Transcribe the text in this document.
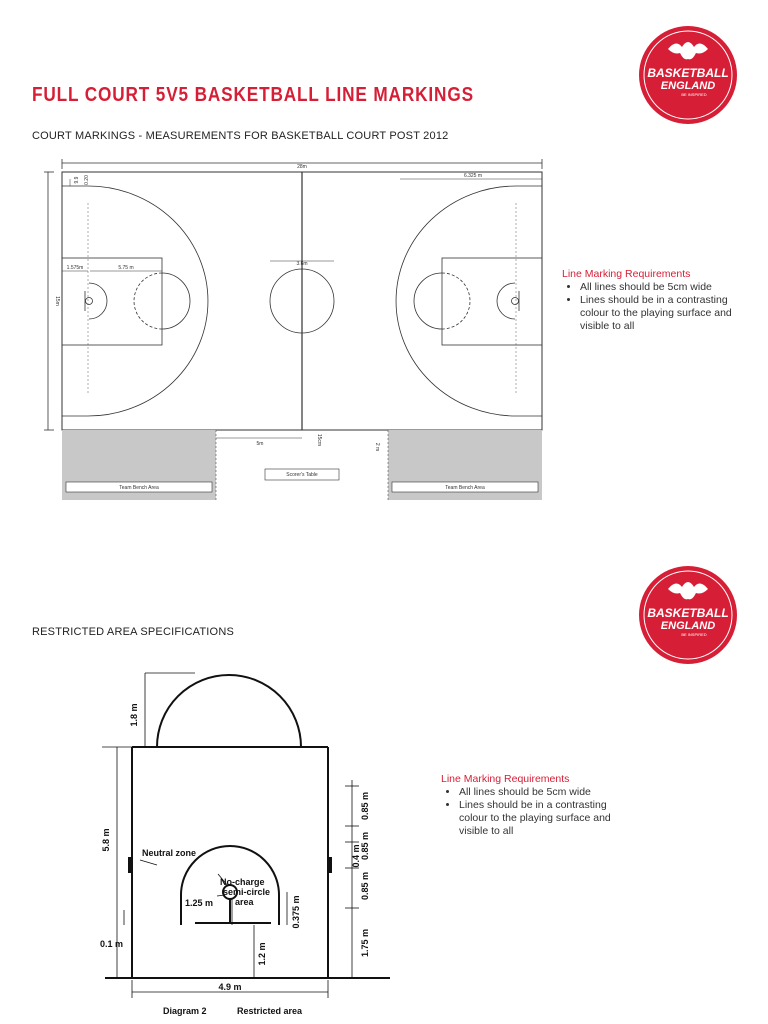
FULL COURT 5V5 BASKETBALL LINE MARKINGS
BASKETBALL
ENGLAND
BE INSPIRED
COURT MARKINGS - MEASUREMENTS FOR BASKETBALL COURT POST 2012
28m
15m
6.325 m
3.6m
1.575m	5.75 m
9.9 0.20
5m	15cm
2 m
Scorer's Table
Team Bench Area	Team Bench Area
Line Marking Requirements
• All lines should be 5cm wide
• Lines should be in a contrasting colour to the playing surface and visible to all
BASKETBALL
ENGLAND
BE INSPIRED
RESTRICTED AREA SPECIFICATIONS
1.8 m
5.8 m
Neutral zone
No-charge
semi-circle
area
1.25 m
0.1 m
0.375 m
1.2 m
4.9 m
0.85 m
0.85 m
0.4 m
0.85 m
1.75 m
Diagram 2	Restricted area
Line Marking Requirements
• All lines should be 5cm wide
• Lines should be in a contrasting colour to the playing surface and visible to all
